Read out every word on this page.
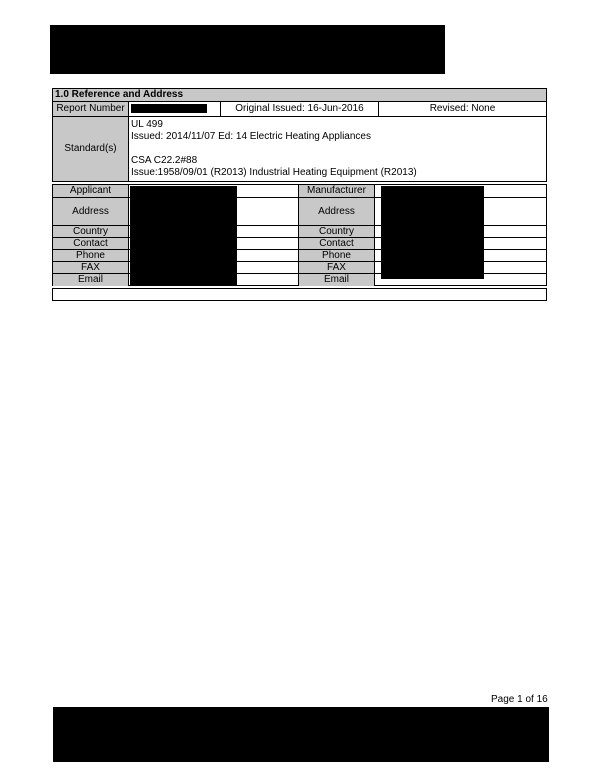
1.0 Reference and Address
Report Number	Original Issued: 16-Jun-2016	Revised: None
Standard(s)
UL 499
Issued: 2014/11/07 Ed: 14 Electric Heating Appliances
CSA C22.2#88
Issue:1958/09/01 (R2013) Industrial Heating Equipment (R2013)
Applicant
Address
Country
Contact
Phone
FAX
Email
Manufacturer
Address
Country
Contact
Phone
FAX
Email
Page 1 of 16
